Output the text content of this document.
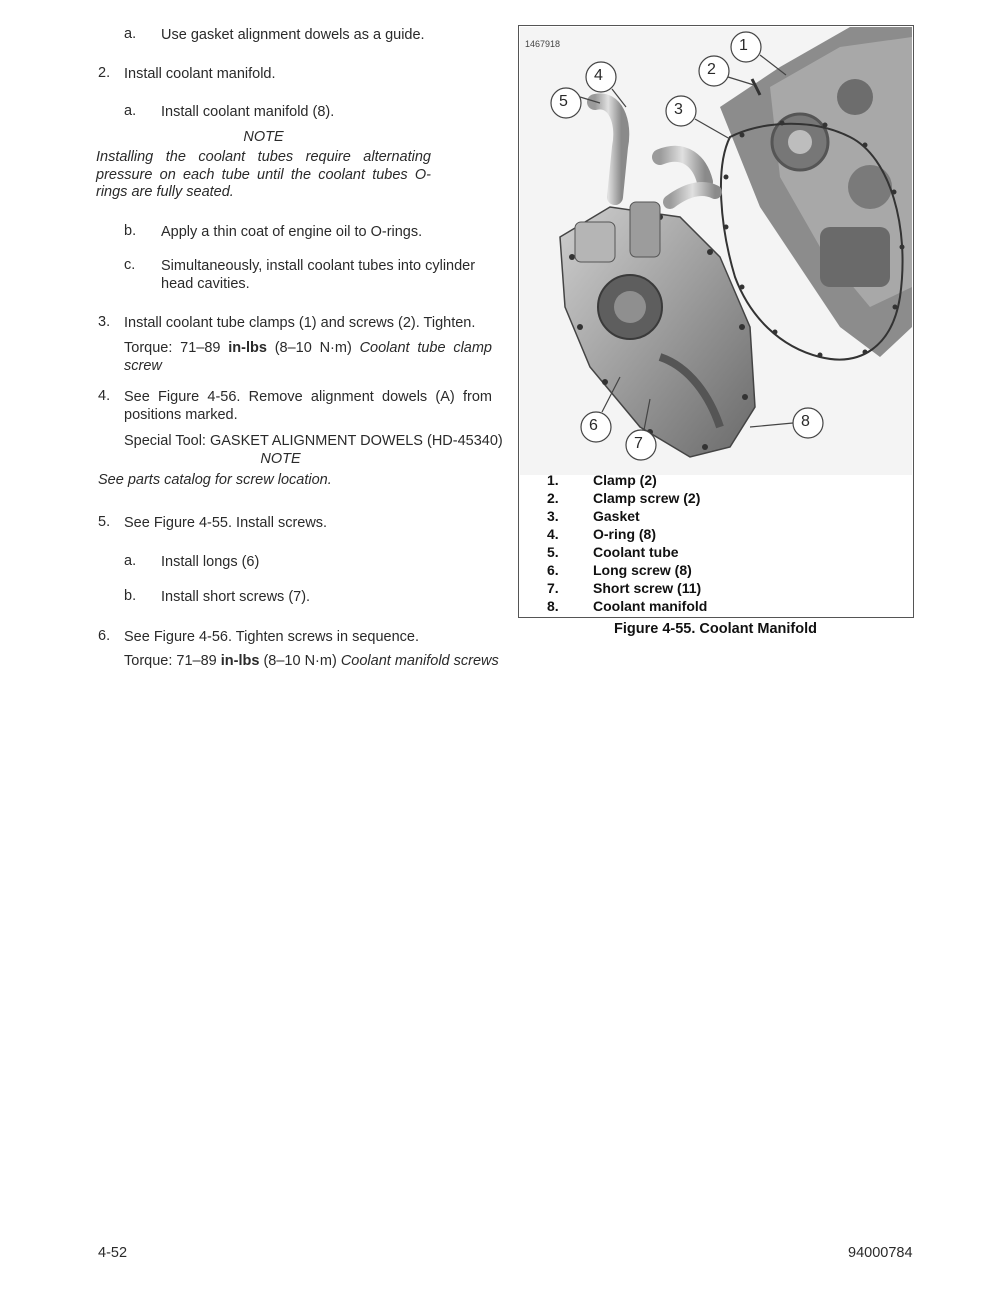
a. Use gasket alignment dowels as a guide.
2. Install coolant manifold.
a. Install coolant manifold (8).
NOTE
Installing the coolant tubes require alternating pressure on each tube until the coolant tubes O-rings are fully seated.
b. Apply a thin coat of engine oil to O-rings.
c. Simultaneously, install coolant tubes into cylinder head cavities.
3. Install coolant tube clamps (1) and screws (2). Tighten.
Torque: 71–89 in-lbs (8–10 N·m) Coolant tube clamp screw
4. See Figure 4-56. Remove alignment dowels (A) from positions marked.
Special Tool: GASKET ALIGNMENT DOWELS (HD-45340)
NOTE
See parts catalog for screw location.
5. See Figure 4-55. Install screws.
a. Install longs (6)
b. Install short screws (7).
6. See Figure 4-56. Tighten screws in sequence.
Torque: 71–89 in-lbs (8–10 N·m) Coolant manifold screws
1467918	1
2
3
4
5
6
7
8
1.	Clamp (2)
2.	Clamp screw (2)
3.	Gasket
4.	O-ring (8)
5.	Coolant tube
6.	Long screw (8)
7.	Short screw (11)
8.	Coolant manifold
Figure 4-55. Coolant Manifold
4-52	94000784
